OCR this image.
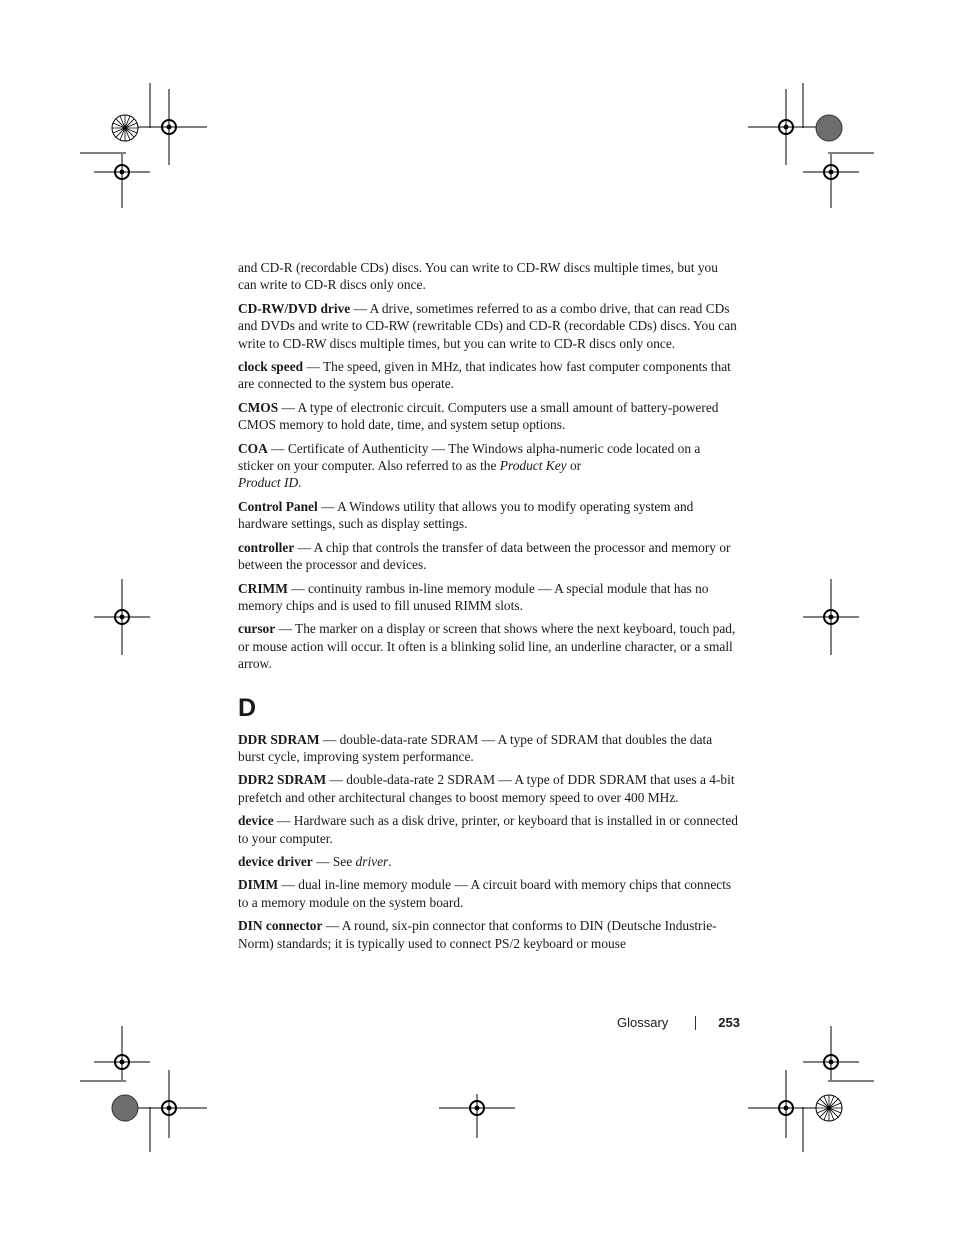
and CD-R (recordable CDs) discs. You can write to CD-RW discs multiple times, but you can write to CD-R discs only once.

CD-RW/DVD drive — A drive, sometimes referred to as a combo drive, that can read CDs and DVDs and write to CD-RW (rewritable CDs) and CD-R (recordable CDs) discs. You can write to CD-RW discs multiple times, but you can write to CD-R discs only once.

clock speed — The speed, given in MHz, that indicates how fast computer components that are connected to the system bus operate.

CMOS — A type of electronic circuit. Computers use a small amount of battery-powered CMOS memory to hold date, time, and system setup options.

COA — Certificate of Authenticity — The Windows alpha-numeric code located on a sticker on your computer. Also referred to as the Product Key or
Product ID.

Control Panel — A Windows utility that allows you to modify operating system and hardware settings, such as display settings.

controller — A chip that controls the transfer of data between the processor and memory or between the processor and devices.

CRIMM — continuity rambus in-line memory module — A special module that has no memory chips and is used to fill unused RIMM slots.

cursor — The marker on a display or screen that shows where the next keyboard, touch pad, or mouse action will occur. It often is a blinking solid line, an underline character, or a small arrow.

D

DDR SDRAM — double-data-rate SDRAM — A type of SDRAM that doubles the data burst cycle, improving system performance.

DDR2 SDRAM — double-data-rate 2 SDRAM — A type of DDR SDRAM that uses a 4-bit prefetch and other architectural changes to boost memory speed to over 400 MHz.

device — Hardware such as a disk drive, printer, or keyboard that is installed in or connected to your computer.

device driver — See driver.

DIMM — dual in-line memory module — A circuit board with memory chips that connects to a memory module on the system board.

DIN connector — A round, six-pin connector that conforms to DIN (Deutsche Industrie-Norm) standards; it is typically used to connect PS/2 keyboard or mouse

Glossary	253
